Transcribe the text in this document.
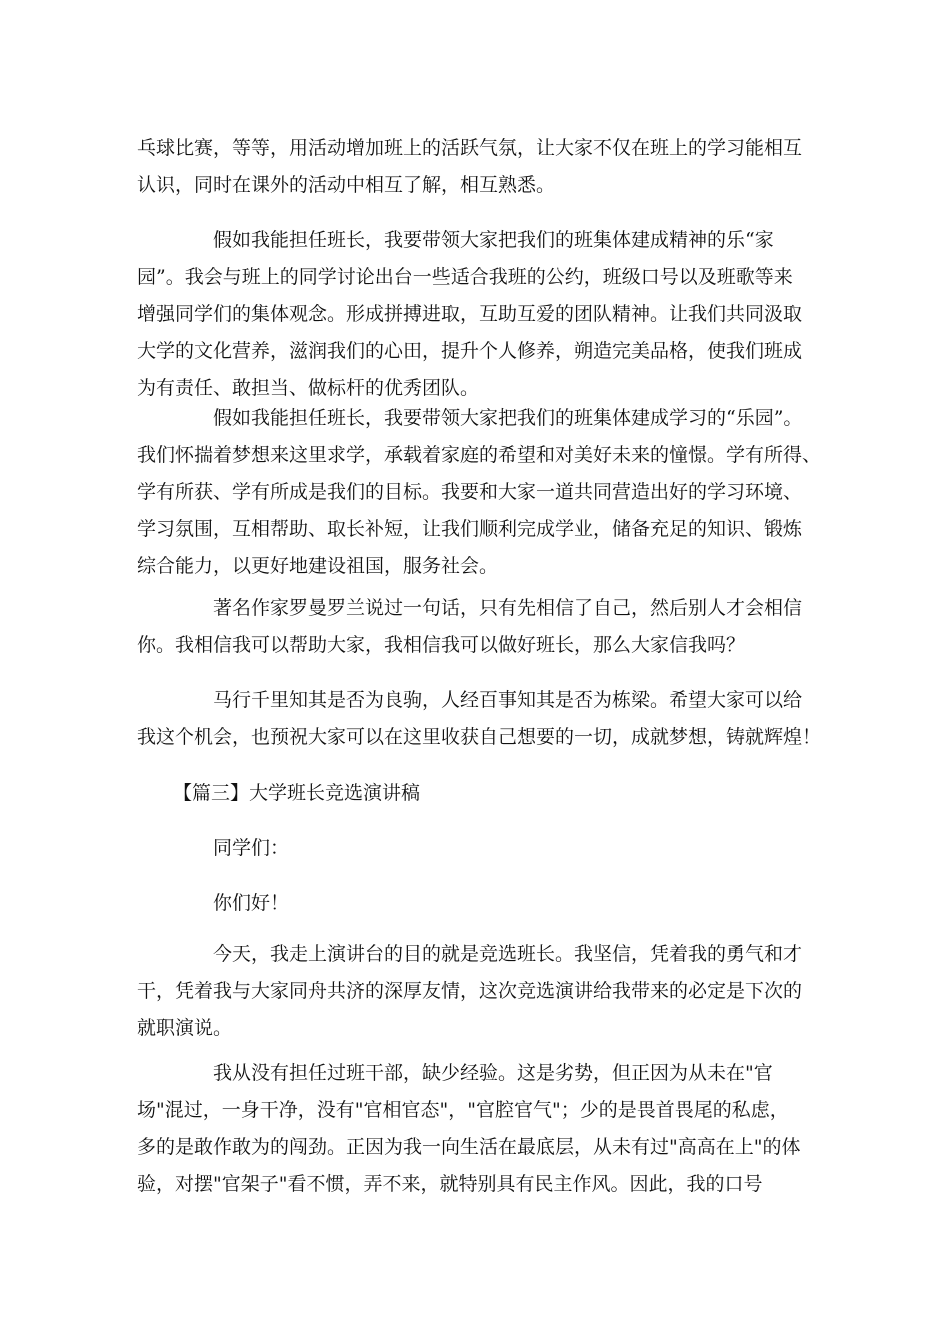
乓球比赛，等等，用活动增加班上的活跃气氛，让大家不仅在班上的学习能相互
认识，同时在课外的活动中相互了解，相互熟悉。

假如我能担任班长，我要带领大家把我们的班集体建成精神的乐“家
园”。我会与班上的同学讨论出台一些适合我班的公约，班级口号以及班歌等来
增强同学们的集体观念。形成拼搏进取，互助互爱的团队精神。让我们共同汲取
大学的文化营养，滋润我们的心田，提升个人修养，朔造完美品格，使我们班成
为有责任、敢担当、做标杆的优秀团队。

假如我能担任班长，我要带领大家把我们的班集体建成学习的“乐园”。
我们怀揣着梦想来这里求学，承载着家庭的希望和对美好未来的憧憬。学有所得、
学有所获、学有所成是我们的目标。我要和大家一道共同营造出好的学习环境、
学习氛围，互相帮助、取长补短，让我们顺利完成学业，储备充足的知识、锻炼
综合能力，以更好地建设祖国，服务社会。

著名作家罗曼罗兰说过一句话，只有先相信了自己，然后别人才会相信
你。我相信我可以帮助大家，我相信我可以做好班长，那么大家信我吗？

马行千里知其是否为良驹，人经百事知其是否为栋梁。希望大家可以给
我这个机会，也预祝大家可以在这里收获自己想要的一切，成就梦想，铸就辉煌！

【篇三】大学班长竞选演讲稿

同学们：

你们好！

今天，我走上演讲台的目的就是竞选班长。我坚信，凭着我的勇气和才
干，凭着我与大家同舟共济的深厚友情，这次竞选演讲给我带来的必定是下次的
就职演说。

我从没有担任过班干部，缺少经验。这是劣势，但正因为从未在"官
场"混过，一身干净，没有"官相官态"，"官腔官气"；少的是畏首畏尾的私虑，
多的是敢作敢为的闯劲。正因为我一向生活在最底层，从未有过"高高在上"的体
验，对摆"官架子"看不惯，弄不来，就特别具有民主作风。因此，我的口号
